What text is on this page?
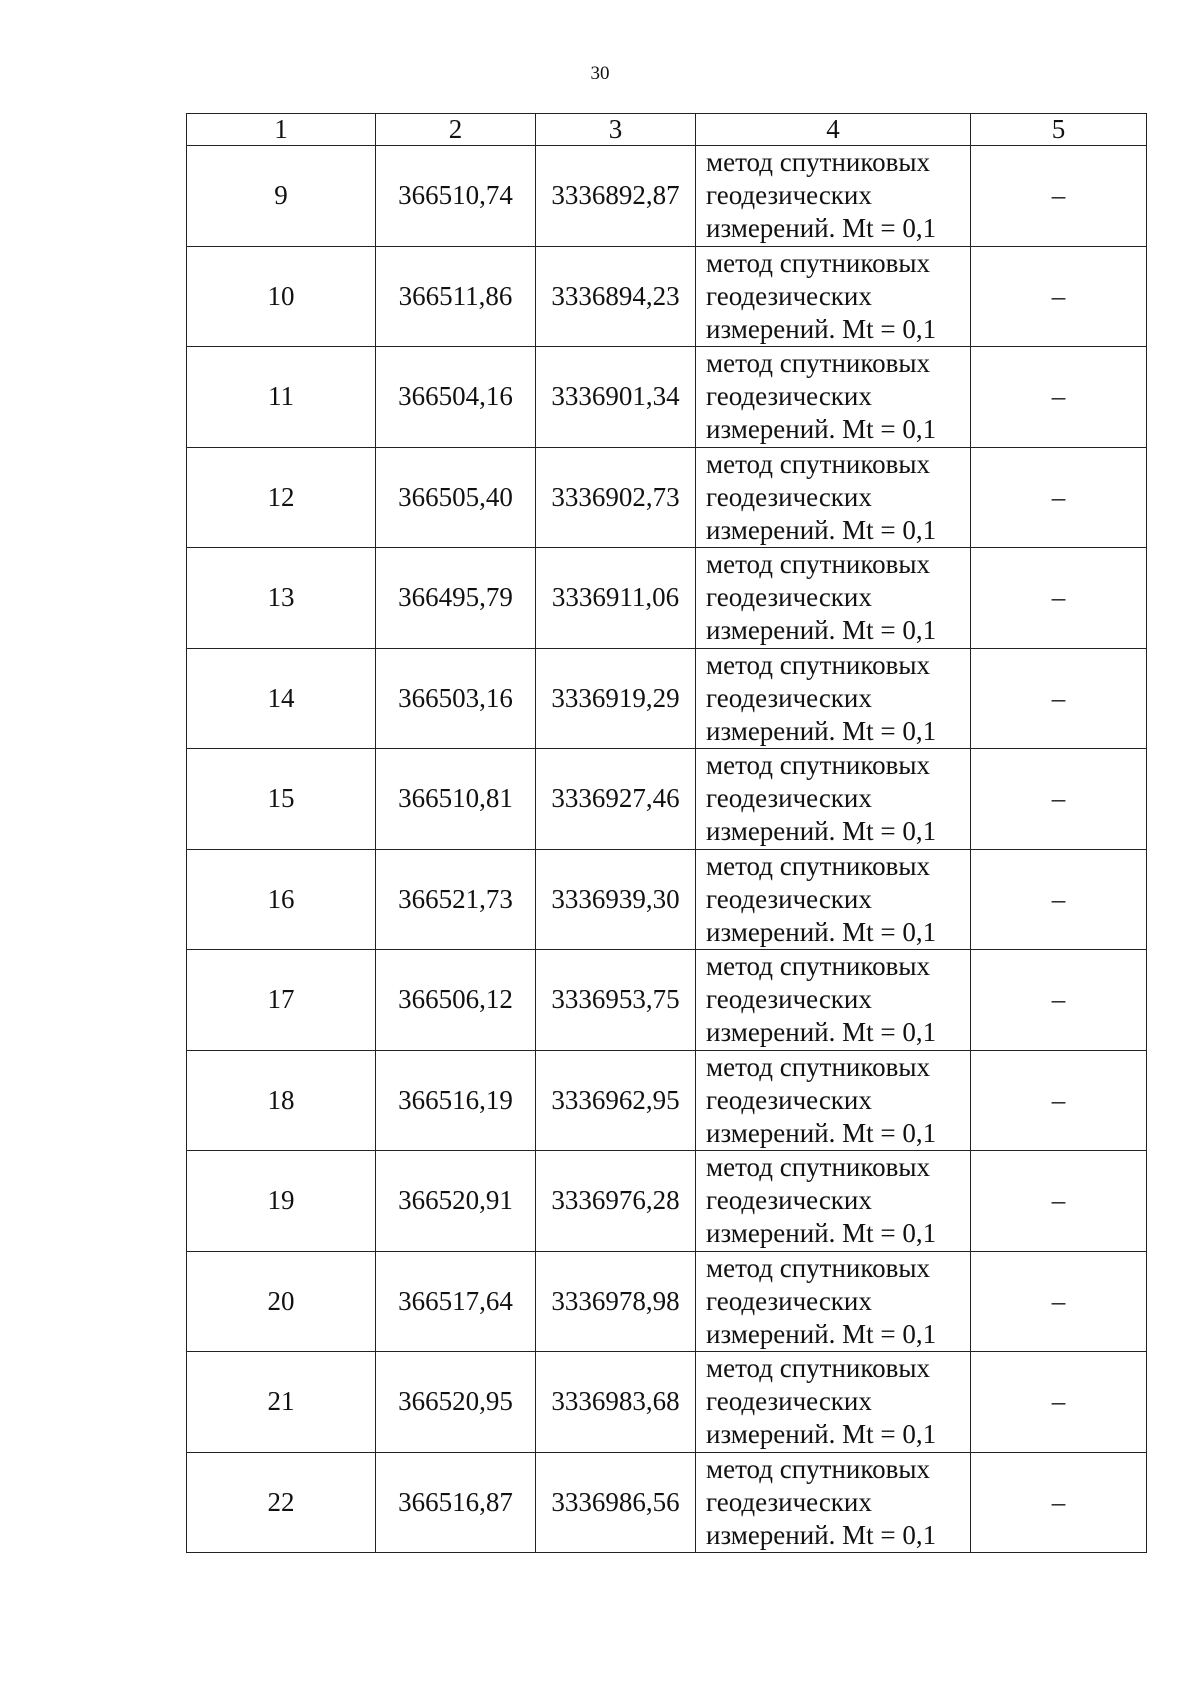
30
1	2	3	4	5
9	366510,74	3336892,87	метод спутниковых
геодезических
измерений. Mt = 0,1	–
10	366511,86	3336894,23	метод спутниковых
геодезических
измерений. Mt = 0,1	–
11	366504,16	3336901,34	метод спутниковых
геодезических
измерений. Mt = 0,1	–
12	366505,40	3336902,73	метод спутниковых
геодезических
измерений. Mt = 0,1	–
13	366495,79	3336911,06	метод спутниковых
геодезических
измерений. Mt = 0,1	–
14	366503,16	3336919,29	метод спутниковых
геодезических
измерений. Mt = 0,1	–
15	366510,81	3336927,46	метод спутниковых
геодезических
измерений. Mt = 0,1	–
16	366521,73	3336939,30	метод спутниковых
геодезических
измерений. Mt = 0,1	–
17	366506,12	3336953,75	метод спутниковых
геодезических
измерений. Mt = 0,1	–
18	366516,19	3336962,95	метод спутниковых
геодезических
измерений. Mt = 0,1	–
19	366520,91	3336976,28	метод спутниковых
геодезических
измерений. Mt = 0,1	–
20	366517,64	3336978,98	метод спутниковых
геодезических
измерений. Mt = 0,1	–
21	366520,95	3336983,68	метод спутниковых
геодезических
измерений. Mt = 0,1	–
22	366516,87	3336986,56	метод спутниковых
геодезических
измерений. Mt = 0,1	–
